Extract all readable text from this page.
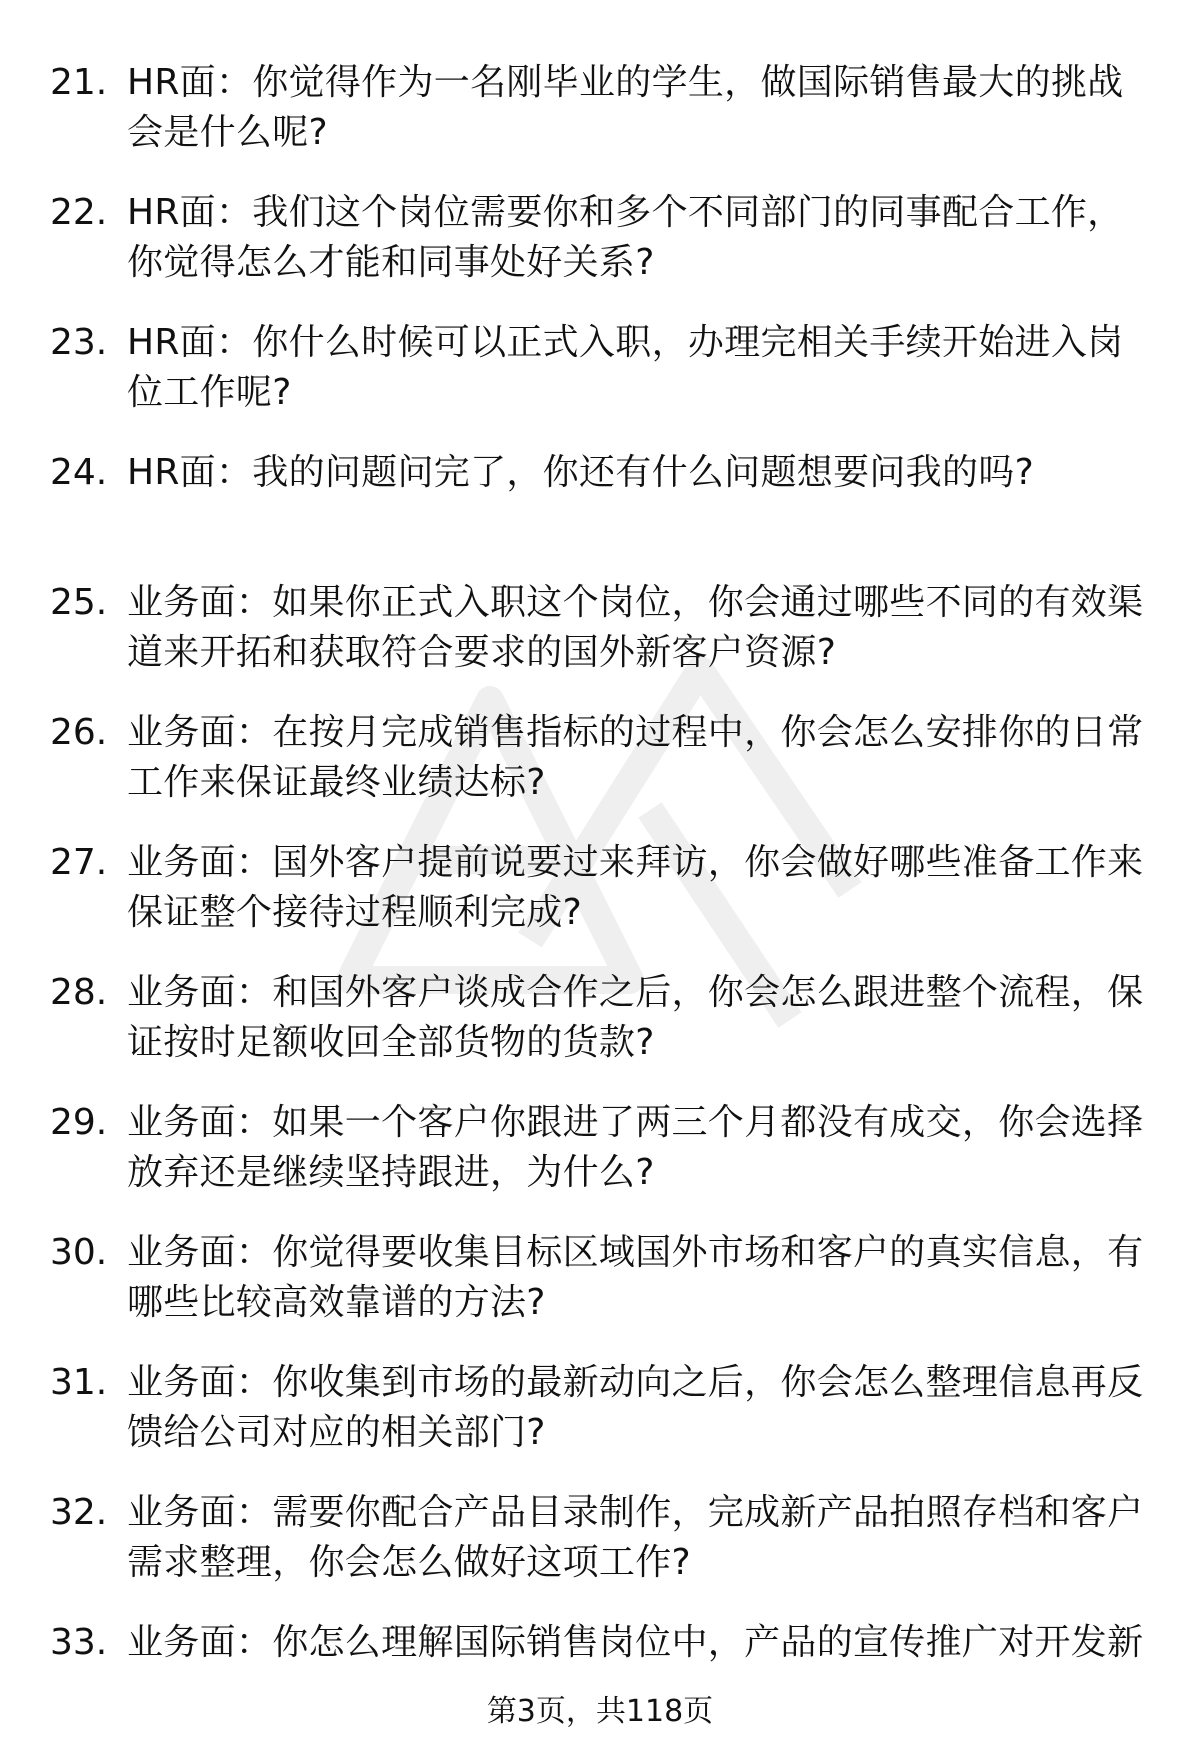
21. HR面：你觉得作为一名刚毕业的学生，做国际销售最大的挑战会是什么呢?
22. HR面：我们这个岗位需要你和多个不同部门的同事配合工作，你觉得怎么才能和同事处好关系?
23. HR面：你什么时候可以正式入职，办理完相关手续开始进入岗位工作呢?
24. HR面：我的问题问完了，你还有什么问题想要问我的吗?
25. 业务面：如果你正式入职这个岗位，你会通过哪些不同的有效渠道来开拓和获取符合要求的国外新客户资源?
26. 业务面：在按月完成销售指标的过程中，你会怎么安排你的日常工作来保证最终业绩达标?
27. 业务面：国外客户提前说要过来拜访，你会做好哪些准备工作来保证整个接待过程顺利完成?
28. 业务面：和国外客户谈成合作之后，你会怎么跟进整个流程，保证按时足额收回全部货物的货款?
29. 业务面：如果一个客户你跟进了两三个月都没有成交，你会选择放弃还是继续坚持跟进，为什么?
30. 业务面：你觉得要收集目标区域国外市场和客户的真实信息，有哪些比较高效靠谱的方法?
31. 业务面：你收集到市场的最新动向之后，你会怎么整理信息再反馈给公司对应的相关部门?
32. 业务面：需要你配合产品目录制作，完成新产品拍照存档和客户需求整理，你会怎么做好这项工作?
33. 业务面：你怎么理解国际销售岗位中，产品的宣传推广对开发新
第3页，共118页
